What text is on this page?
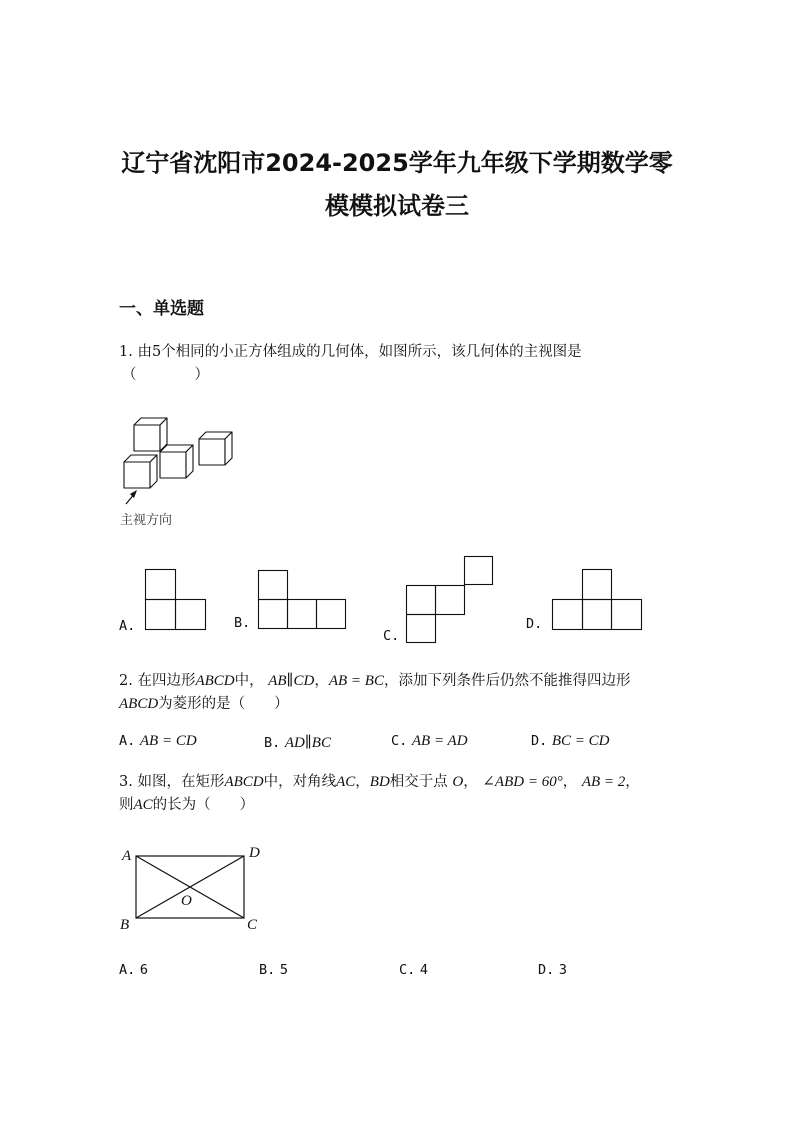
辽宁省沈阳市2024-2025学年九年级下学期数学零
模模拟试卷三
一、单选题
1. 由5个相同的小正方体组成的几何体，如图所示，该几何体的主视图是
（　　　　）
主视方向
A.	B.
C.
D.
2. 在四边形ABCD中， AB∥CD，AB = BC，添加下列条件后仍然不能推得四边形
ABCD为菱形的是（　　）
A. AB = CD	B. AD∥BC	C. AB = AD	D. BC = CD
3. 如图，在矩形ABCD中，对角线AC，BD相交于点 O， ∠ABD = 60°， AB = 2，
则AC的长为（　　）
A	D
B	C
O
A. 6	B. 5	C. 4	D. 3
